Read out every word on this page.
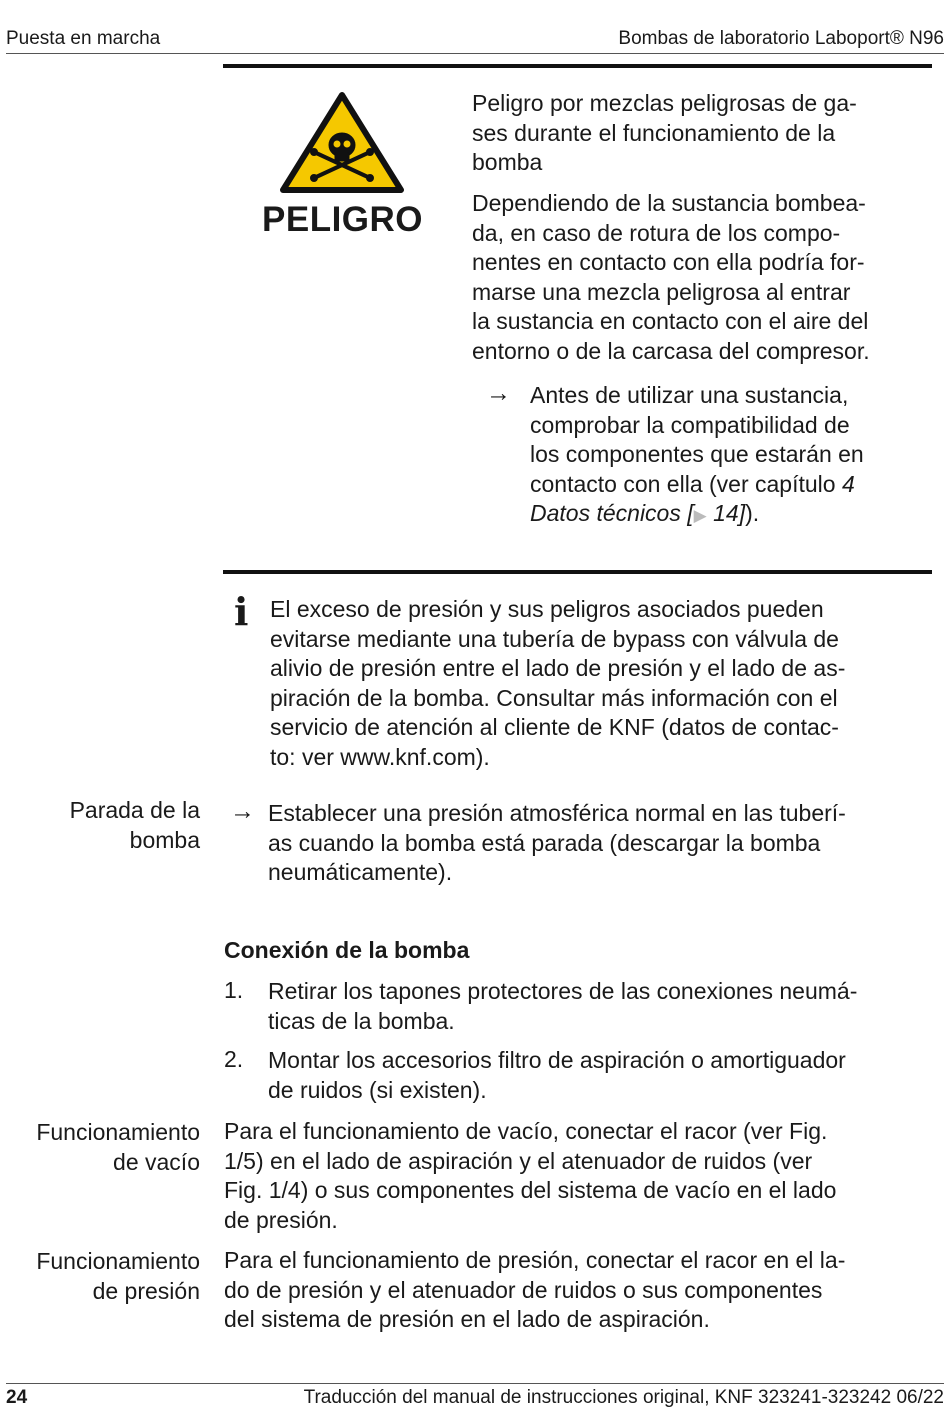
Puesta en marcha	Bombas de laboratorio Laboport® N96
PELIGRO
Peligro por mezclas peligrosas de ga-
ses durante el funcionamiento de la
bomba
Dependiendo de la sustancia bombea-
da, en caso de rotura de los compo-
nentes en contacto con ella podría for-
marse una mezcla peligrosa al entrar
la sustancia en contacto con el aire del
entorno o de la carcasa del compresor.
→ Antes de utilizar una sustancia,
comprobar la compatibilidad de
los componentes que estarán en
contacto con ella (ver capítulo 4
Datos técnicos [▶ 14]).
i El exceso de presión y sus peligros asociados pueden
evitarse mediante una tubería de bypass con válvula de
alivio de presión entre el lado de presión y el lado de as-
piración de la bomba. Consultar más información con el
servicio de atención al cliente de KNF (datos de contac-
to: ver www.knf.com).
Parada de la
bomba
→ Establecer una presión atmosférica normal en las tuberí-
as cuando la bomba está parada (descargar la bomba
neumáticamente).
Conexión de la bomba
1. Retirar los tapones protectores de las conexiones neumá-
ticas de la bomba.
2. Montar los accesorios filtro de aspiración o amortiguador
de ruidos (si existen).
Funcionamiento
de vacío
Para el funcionamiento de vacío, conectar el racor (ver Fig.
1/5) en el lado de aspiración y el atenuador de ruidos (ver
Fig. 1/4) o sus componentes del sistema de vacío en el lado
de presión.
Funcionamiento
de presión
Para el funcionamiento de presión, conectar el racor en el la-
do de presión y el atenuador de ruidos o sus componentes
del sistema de presión en el lado de aspiración.
24	Traducción del manual de instrucciones original, KNF 323241-323242 06/22
